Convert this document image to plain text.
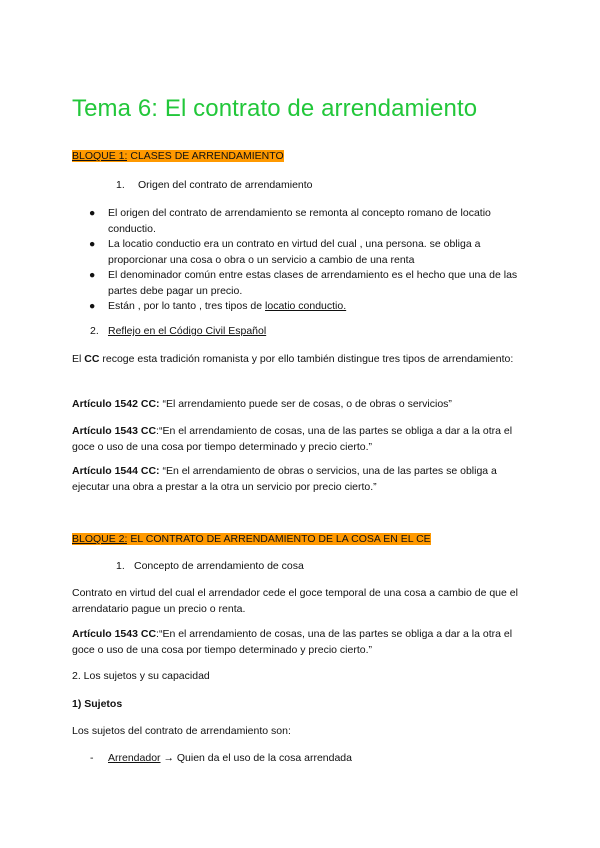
Tema 6: El contrato de arrendamiento
BLOQUE 1: CLASES DE ARRENDAMIENTO
1. Origen del contrato de arrendamiento
● El origen del contrato de arrendamiento se remonta al concepto romano de locatio conductio.
● La locatio conductio era un contrato en virtud del cual , una persona. se obliga a proporcionar una cosa o obra o un servicio a cambio de una renta
● El denominador común entre estas clases de arrendamiento es el hecho que una de las partes debe pagar un precio.
● Están , por lo tanto , tres tipos de locatio conductio.
2. Reflejo en el Código Civil Español

El CC recoge esta tradición romanista y por ello también distingue tres tipos de arrendamiento:

Artículo 1542 CC: “El arrendamiento puede ser de cosas, o de obras o servicios”

Artículo 1543 CC:“En el arrendamiento de cosas, una de las partes se obliga a dar a la otra el goce o uso de una cosa por tiempo determinado y precio cierto.”

Artículo 1544 CC: “En el arrendamiento de obras o servicios, una de las partes se obliga a ejecutar una obra a prestar a la otra un servicio por precio cierto.”

BLOQUE 2: EL CONTRATO DE ARRENDAMIENTO DE LA COSA EN EL CE
1. Concepto de arrendamiento de cosa

Contrato en virtud del cual el arrendador cede el goce temporal de una cosa a cambio de que el arrendatario pague un precio o renta.

Artículo 1543 CC:“En el arrendamiento de cosas, una de las partes se obliga a dar a la otra el goce o uso de una cosa por tiempo determinado y precio cierto.”

2. Los sujetos y su capacidad
1) Sujetos
Los sujetos del contrato de arrendamiento son:
- Arrendador → Quien da el uso de la cosa arrendada
